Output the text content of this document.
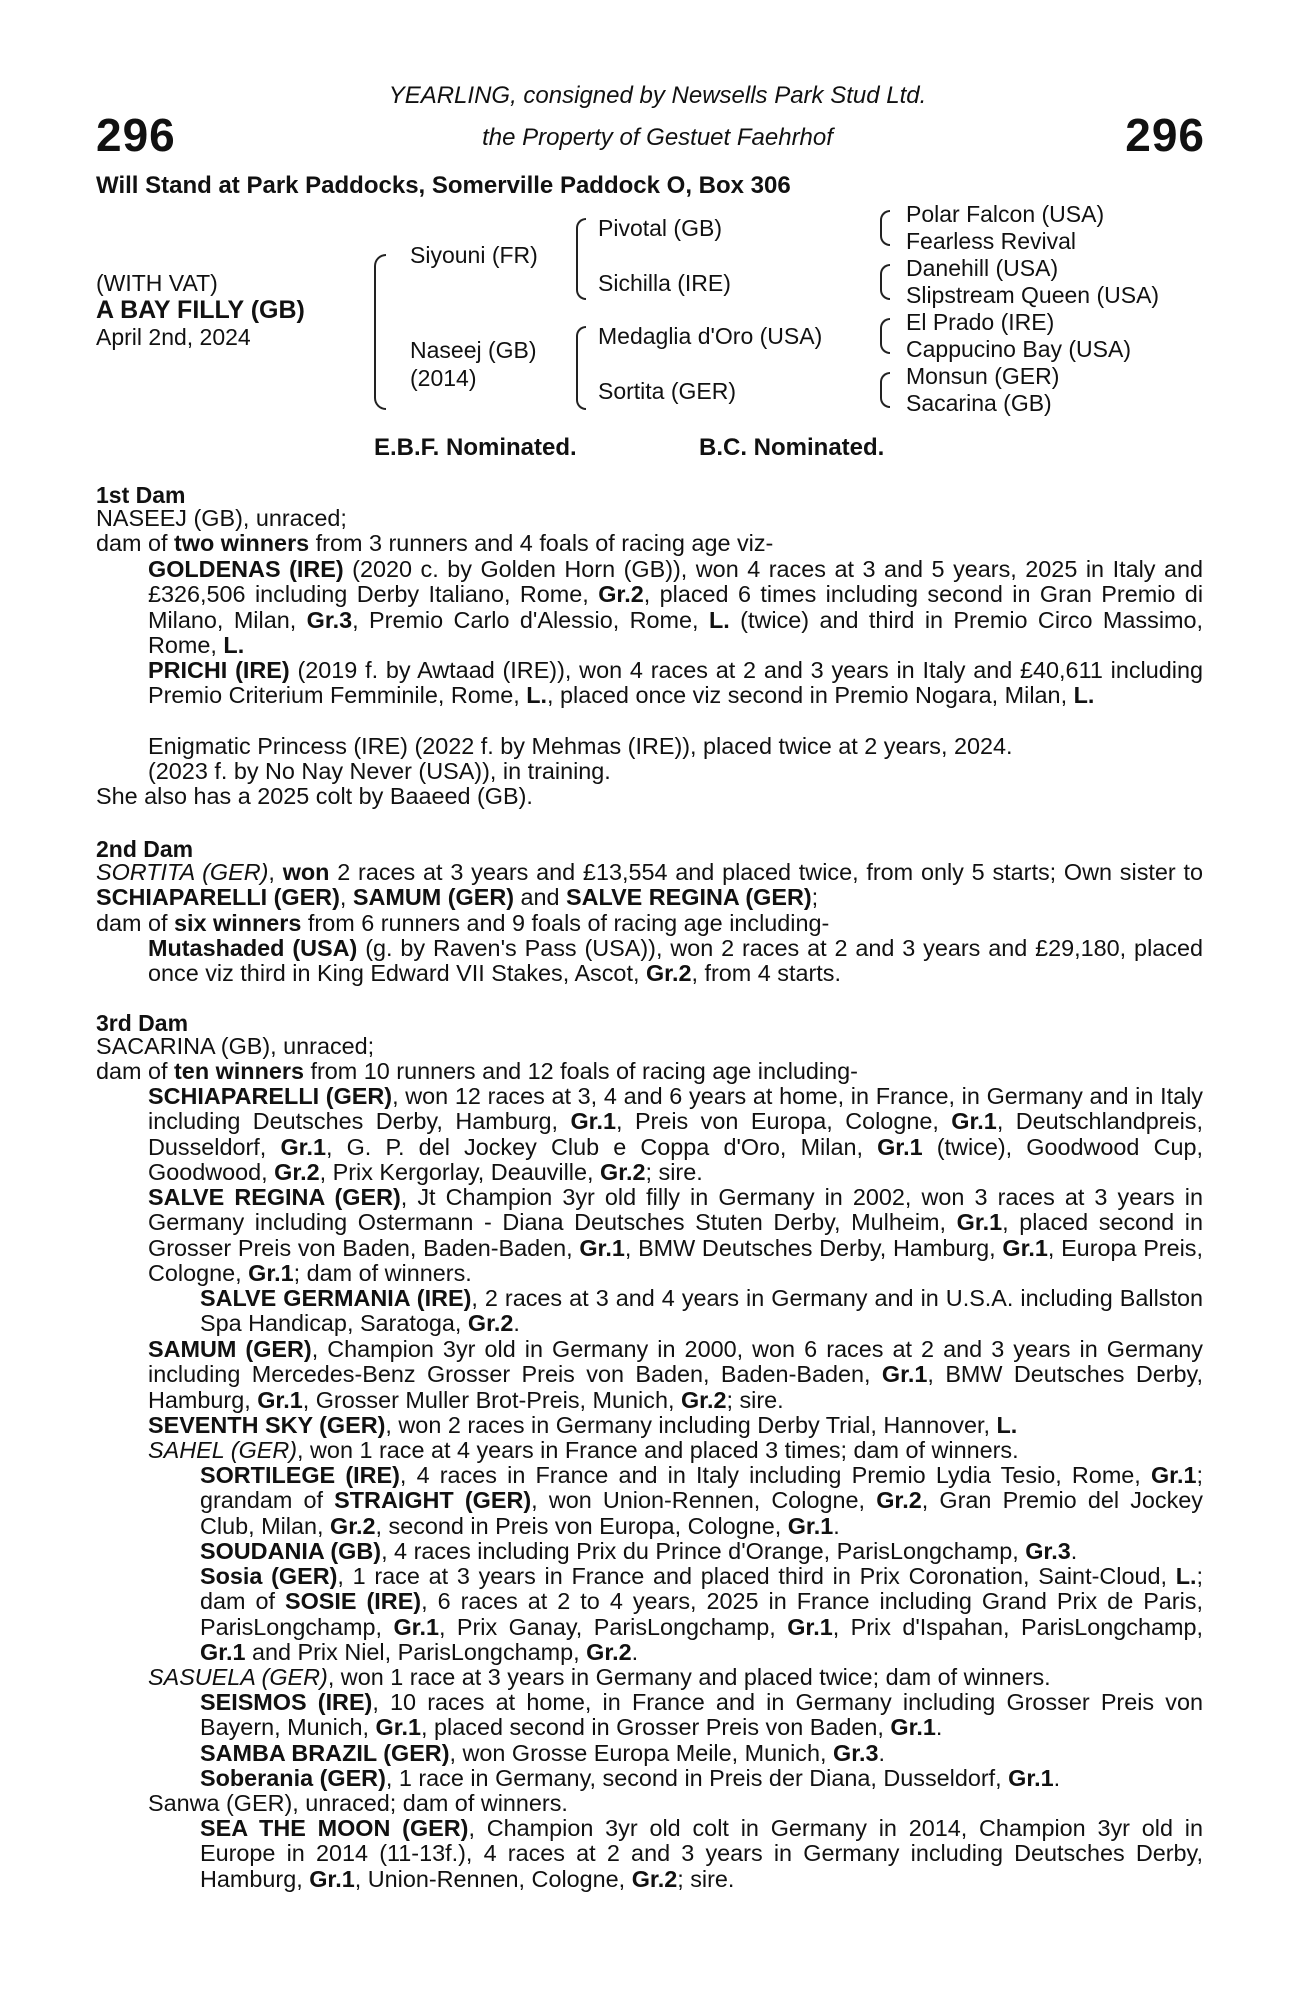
296	296
YEARLING, consigned by Newsells Park Stud Ltd.
the Property of Gestuet Faehrhof
Will Stand at Park Paddocks, Somerville Paddock O, Box 306
(WITH VAT)
A BAY FILLY (GB)
April 2nd, 2024
Siyouni (FR)
Naseej (GB)
(2014)
Pivotal (GB)
Sichilla (IRE)
Medaglia d'Oro (USA)
Sortita (GER)
Polar Falcon (USA)
Fearless Revival
Danehill (USA)
Slipstream Queen (USA)
El Prado (IRE)
Cappucino Bay (USA)
Monsun (GER)
Sacarina (GB)
E.B.F. Nominated.	B.C. Nominated.
1st Dam
NASEEJ (GB), unraced;
dam of two winners from 3 runners and 4 foals of racing age viz-
GOLDENAS (IRE) (2020 c. by Golden Horn (GB)), won 4 races at 3 and 5 years, 2025 in Italy and £326,506 including Derby Italiano, Rome, Gr.2, placed 6 times including second in Gran Premio di Milano, Milan, Gr.3, Premio Carlo d'Alessio, Rome, L. (twice) and third in Premio Circo Massimo, Rome, L.
PRICHI (IRE) (2019 f. by Awtaad (IRE)), won 4 races at 2 and 3 years in Italy and £40,611 including Premio Criterium Femminile, Rome, L., placed once viz second in Premio Nogara, Milan, L.
Enigmatic Princess (IRE) (2022 f. by Mehmas (IRE)), placed twice at 2 years, 2024.
(2023 f. by No Nay Never (USA)), in training.
She also has a 2025 colt by Baaeed (GB).
2nd Dam
SORTITA (GER), won 2 races at 3 years and £13,554 and placed twice, from only 5 starts; Own sister to SCHIAPARELLI (GER), SAMUM (GER) and SALVE REGINA (GER);
dam of six winners from 6 runners and 9 foals of racing age including-
Mutashaded (USA) (g. by Raven's Pass (USA)), won 2 races at 2 and 3 years and £29,180, placed once viz third in King Edward VII Stakes, Ascot, Gr.2, from 4 starts.
3rd Dam
SACARINA (GB), unraced;
dam of ten winners from 10 runners and 12 foals of racing age including-
SCHIAPARELLI (GER), won 12 races at 3, 4 and 6 years at home, in France, in Germany and in Italy including Deutsches Derby, Hamburg, Gr.1, Preis von Europa, Cologne, Gr.1, Deutschlandpreis, Dusseldorf, Gr.1, G. P. del Jockey Club e Coppa d'Oro, Milan, Gr.1 (twice), Goodwood Cup, Goodwood, Gr.2, Prix Kergorlay, Deauville, Gr.2; sire.
SALVE REGINA (GER), Jt Champion 3yr old filly in Germany in 2002, won 3 races at 3 years in Germany including Ostermann - Diana Deutsches Stuten Derby, Mulheim, Gr.1, placed second in Grosser Preis von Baden, Baden-Baden, Gr.1, BMW Deutsches Derby, Hamburg, Gr.1, Europa Preis, Cologne, Gr.1; dam of winners.
SALVE GERMANIA (IRE), 2 races at 3 and 4 years in Germany and in U.S.A. including Ballston Spa Handicap, Saratoga, Gr.2.
SAMUM (GER), Champion 3yr old in Germany in 2000, won 6 races at 2 and 3 years in Germany including Mercedes-Benz Grosser Preis von Baden, Baden-Baden, Gr.1, BMW Deutsches Derby, Hamburg, Gr.1, Grosser Muller Brot-Preis, Munich, Gr.2; sire.
SEVENTH SKY (GER), won 2 races in Germany including Derby Trial, Hannover, L.
SAHEL (GER), won 1 race at 4 years in France and placed 3 times; dam of winners.
SORTILEGE (IRE), 4 races in France and in Italy including Premio Lydia Tesio, Rome, Gr.1; grandam of STRAIGHT (GER), won Union-Rennen, Cologne, Gr.2, Gran Premio del Jockey Club, Milan, Gr.2, second in Preis von Europa, Cologne, Gr.1.
SOUDANIA (GB), 4 races including Prix du Prince d'Orange, ParisLongchamp, Gr.3.
Sosia (GER), 1 race at 3 years in France and placed third in Prix Coronation, Saint-Cloud, L.; dam of SOSIE (IRE), 6 races at 2 to 4 years, 2025 in France including Grand Prix de Paris, ParisLongchamp, Gr.1, Prix Ganay, ParisLongchamp, Gr.1, Prix d'Ispahan, ParisLongchamp, Gr.1 and Prix Niel, ParisLongchamp, Gr.2.
SASUELA (GER), won 1 race at 3 years in Germany and placed twice; dam of winners.
SEISMOS (IRE), 10 races at home, in France and in Germany including Grosser Preis von Bayern, Munich, Gr.1, placed second in Grosser Preis von Baden, Gr.1.
SAMBA BRAZIL (GER), won Grosse Europa Meile, Munich, Gr.3.
Soberania (GER), 1 race in Germany, second in Preis der Diana, Dusseldorf, Gr.1.
Sanwa (GER), unraced; dam of winners.
SEA THE MOON (GER), Champion 3yr old colt in Germany in 2014, Champion 3yr old in Europe in 2014 (11-13f.), 4 races at 2 and 3 years in Germany including Deutsches Derby, Hamburg, Gr.1, Union-Rennen, Cologne, Gr.2; sire.
